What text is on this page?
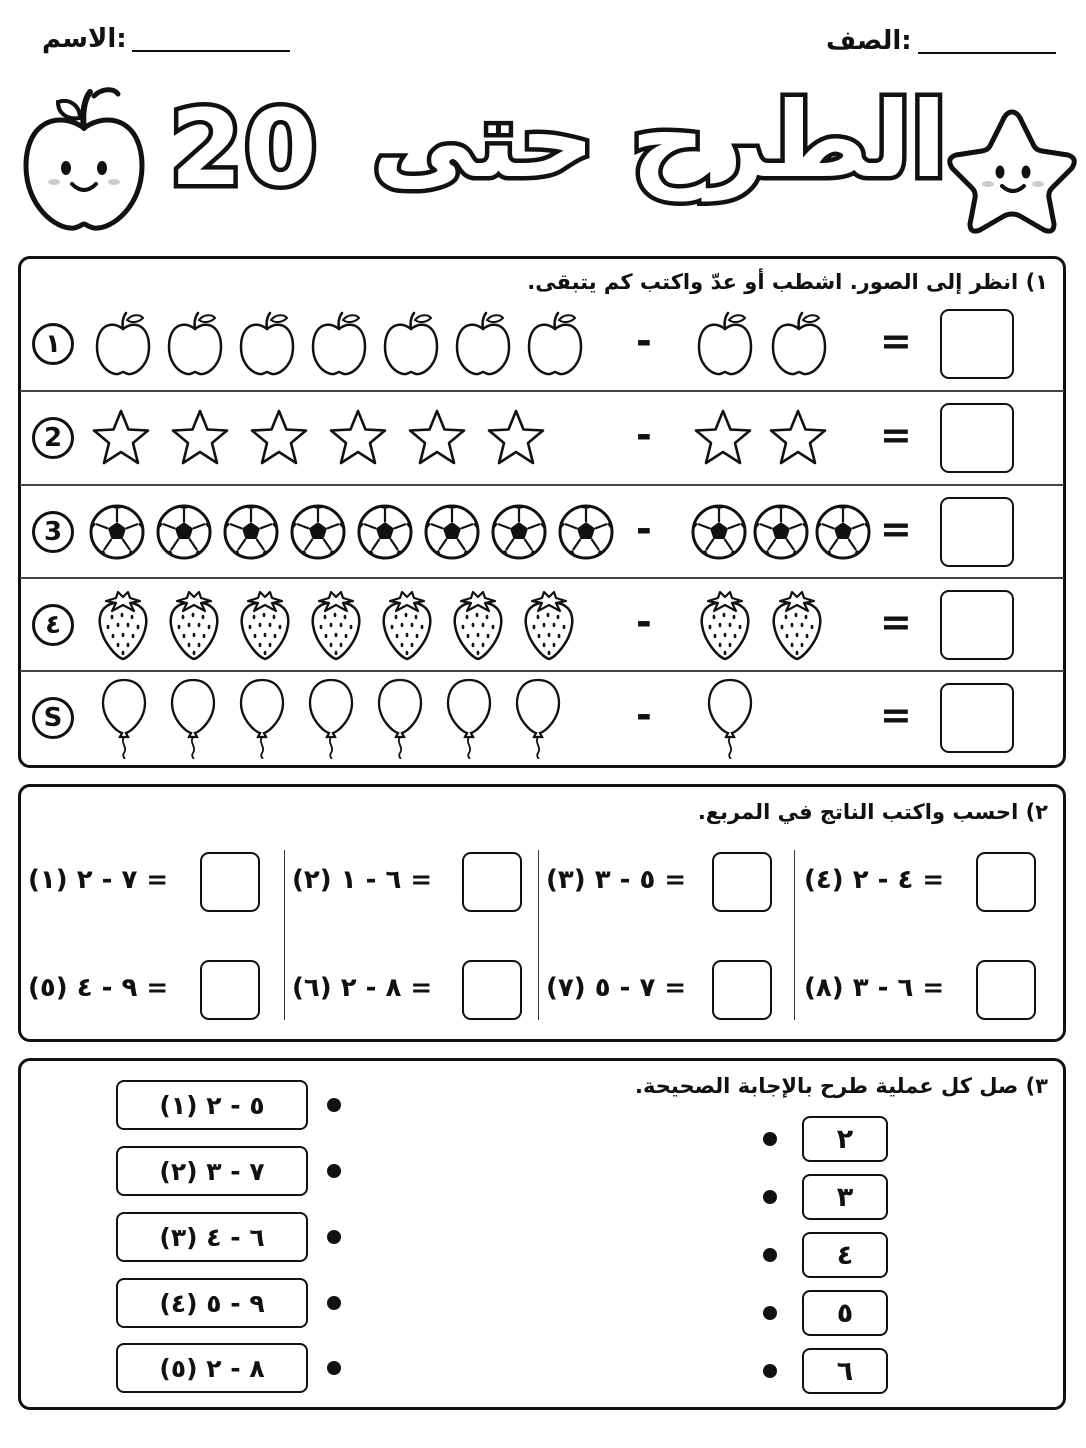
الصف:
الاسم:
20 الطرح حتى
١) انظر إلى الصور. اشطب أو عدّ واكتب كم يتبقى.
١	-	=
2	-	=
3	-	=
٤	-	=
S	-	=
٢) احسب واكتب الناتج في المربع.
(١) ٧ - ٢ =	(٢) ٦ - ١ =	(٣) ٥ - ٣ =	(٤) ٤ - ٢ =
(٥) ٩ - ٤ =	(٦) ٨ - ٢ =	(٧) ٧ - ٥ =	(٨) ٦ - ٣ =
٣) صل كل عملية طرح بالإجابة الصحيحة.
(١) ٥ - ٢
(٢) ٧ - ٣
(٣) ٦ - ٤
(٤) ٩ - ٥
(٥) ٨ - ٢
٢
٣
٤
٥
٦
